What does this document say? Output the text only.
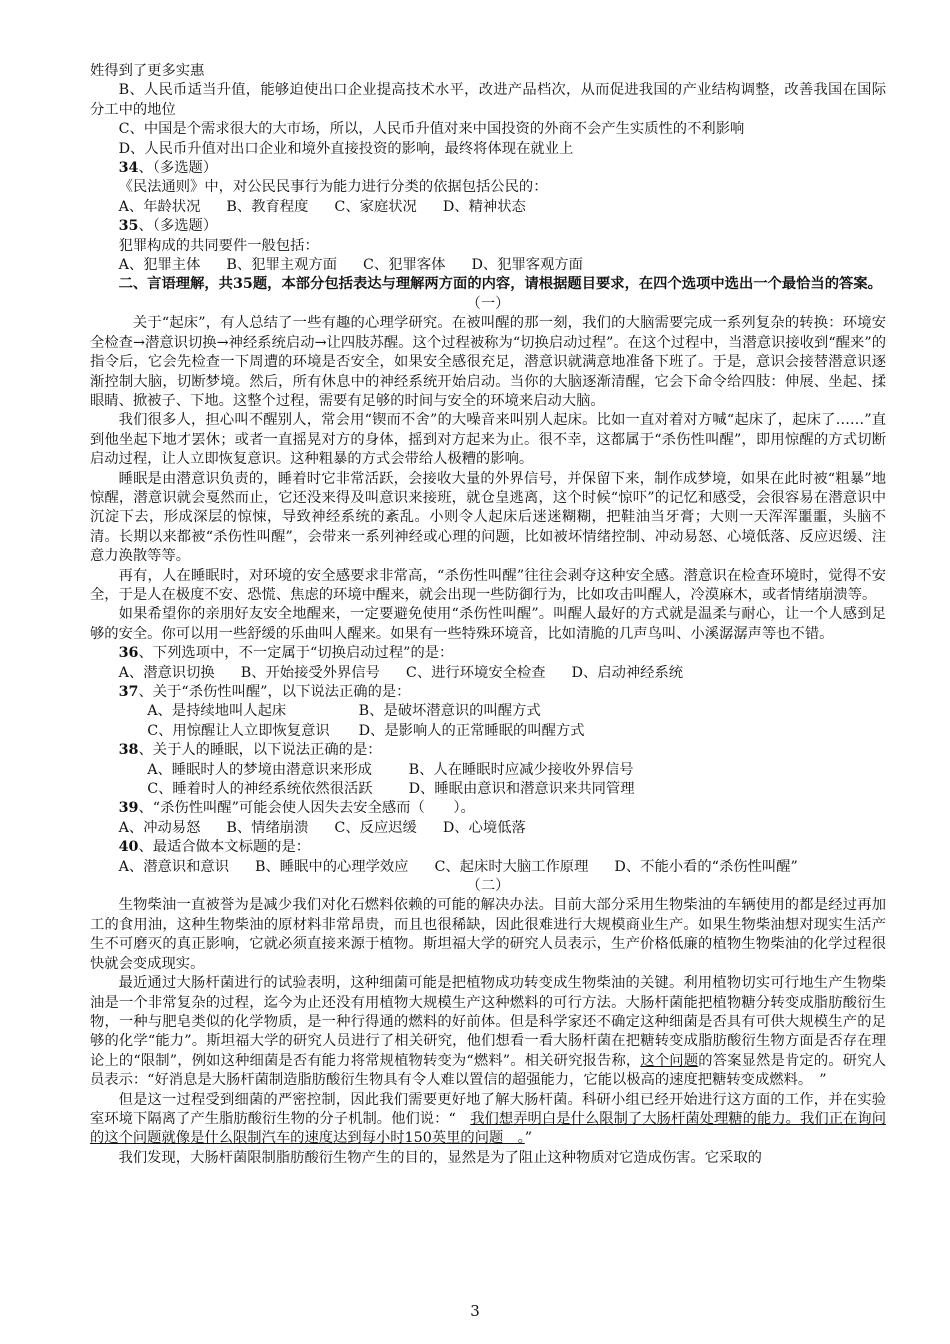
姓得到了更多实惠

B、人民币适当升值，能够迫使出口企业提高技术水平，改进产品档次，从而促进我国的产业结构调整，改善我国在国际分工中的地位

C、中国是个需求很大的大市场，所以，人民币升值对来中国投资的外商不会产生实质性的不利影响

D、人民币升值对出口企业和境外直接投资的影响，最终将体现在就业上

34、（多选题）

《民法通则》中，对公民民事行为能力进行分类的依据包括公民的：

A、年龄状况 B、教育程度 C、家庭状况 D、精神状态

35、（多选题）

犯罪构成的共同要件一般包括：

A、犯罪主体 B、犯罪主观方面 C、犯罪客体 D、犯罪客观方面

二、言语理解，共35题，本部分包括表达与理解两方面的内容，请根据题目要求，在四个选项中选出一个最恰当的答案。

（一）

关于“起床”，有人总结了一些有趣的心理学研究。在被叫醒的那一刻，我们的大脑需要完成一系列复杂的转换：环境安全检查→潜意识切换→神经系统启动→让四肢苏醒。这个过程被称为“切换启动过程”。在这个过程中，当潜意识接收到“醒来”的指令后，它会先检查一下周遭的环境是否安全，如果安全感很充足，潜意识就满意地准备下班了。于是，意识会接替潜意识逐渐控制大脑，切断梦境。然后，所有休息中的神经系统开始启动。当你的大脑逐渐清醒，它会下命令给四肢：伸展、坐起、揉眼睛、掀被子、下地。这整个过程，需要有足够的时间与安全的环境来启动大脑。

我们很多人，担心叫不醒别人，常会用“锲而不舍”的大噪音来叫别人起床。比如一直对着对方喊“起床了，起床了……”直到他坐起下地才罢休；或者一直摇晃对方的身体，摇到对方起来为止。很不幸，这都属于“杀伤性叫醒”，即用惊醒的方式切断启动过程，让人立即恢复意识。这种粗暴的方式会带给人极糟的影响。

睡眠是由潜意识负责的，睡着时它非常活跃，会接收大量的外界信号，并保留下来，制作成梦境，如果在此时被“粗暴”地惊醒，潜意识就会戛然而止，它还没来得及叫意识来接班，就仓皇逃离，这个时候“惊吓”的记忆和感受，会很容易在潜意识中沉淀下去，形成深层的惊悚，导致神经系统的紊乱。小则令人起床后迷迷糊糊，把鞋油当牙膏；大则一天浑浑噩噩，头脑不清。长期以来都被“杀伤性叫醒”，会带来一系列神经或心理的问题，比如被坏情绪控制、冲动易怒、心境低落、反应迟缓、注意力涣散等等。

再有，人在睡眠时，对环境的安全感要求非常高，“杀伤性叫醒”往往会剥夺这种安全感。潜意识在检查环境时，觉得不安全，于是人在极度不安、恐慌、焦虑的环境中醒来，就会出现一些防御行为，比如攻击叫醒人，冷漠麻木，或者情绪崩溃等。

如果希望你的亲朋好友安全地醒来，一定要避免使用“杀伤性叫醒”。叫醒人最好的方式就是温柔与耐心，让一个人感到足够的安全。你可以用一些舒缓的乐曲叫人醒来。如果有一些特殊环境音，比如清脆的几声鸟叫、小溪潺潺声等也不错。

36、下列选项中，不一定属于“切换启动过程”的是：

A、潜意识切换 B、开始接受外界信号 C、进行环境安全检查 D、启动神经系统

37、关于“杀伤性叫醒”，以下说法正确的是：

A、是持续地叫人起床	B、是破坏潜意识的叫醒方式

C、用惊醒让人立即恢复意识 D、是影响人的正常睡眠的叫醒方式

38、关于人的睡眠，以下说法正确的是：

A、睡眠时人的梦境由潜意识来形成	B、人在睡眠时应减少接收外界信号

C、睡着时人的神经系统依然很活跃	D、睡眠由意识和潜意识来共同管理

39、“杀伤性叫醒”可能会使人因失去安全感而（　　）。

A、冲动易怒 B、情绪崩溃 C、反应迟缓 D、心境低落

40、最适合做本文标题的是：

A、潜意识和意识 B、睡眠中的心理学效应 C、起床时大脑工作原理 D、不能小看的“杀伤性叫醒”

（二）

生物柴油一直被誉为是减少我们对化石燃料依赖的可能的解决办法。目前大部分采用生物柴油的车辆使用的都是经过再加工的食用油，这种生物柴油的原材料非常昂贵，而且也很稀缺，因此很难进行大规模商业生产。如果生物柴油想对现实生活产生不可磨灭的真正影响，它就必须直接来源于植物。斯坦福大学的研究人员表示，生产价格低廉的植物生物柴油的化学过程很快就会变成现实。

最近通过大肠杆菌进行的试验表明，这种细菌可能是把植物成功转变成生物柴油的关键。利用植物切实可行地生产生物柴油是一个非常复杂的过程，迄今为止还没有用植物大规模生产这种燃料的可行方法。大肠杆菌能把植物糖分转变成脂肪酸衍生物，一种与肥皂类似的化学物质，是一种行得通的燃料的好前体。但是科学家还不确定这种细菌是否具有可供大规模生产的足够的化学“能力”。斯坦福大学的研究人员进行了相关研究，他们想看一看大肠杆菌在把糖转变成脂肪酸衍生物方面是否存在理论上的“限制”，例如这种细菌是否有能力将常规植物转变为“燃料”。相关研究报告称，这个问题的答案显然是肯定的。研究人员表示：“好消息是大肠杆菌制造脂肪酸衍生物具有令人难以置信的超强能力，它能以极高的速度把糖转变成燃料。　”

但是这一过程受到细菌的严密控制，因此我们需要更好地了解大肠杆菌。科研小组已经开始进行这方面的工作，并在实验室环境下隔离了产生脂肪酸衍生物的分子机制。他们说：“　我们想弄明白是什么限制了大肠杆菌处理糖的能力。我们正在询问的这个问题就像是什么限制汽车的速度达到每小时150英里的问题　。”

我们发现，大肠杆菌限制脂肪酸衍生物产生的目的，显然是为了阻止这种物质对它造成伤害。它采取的

3
